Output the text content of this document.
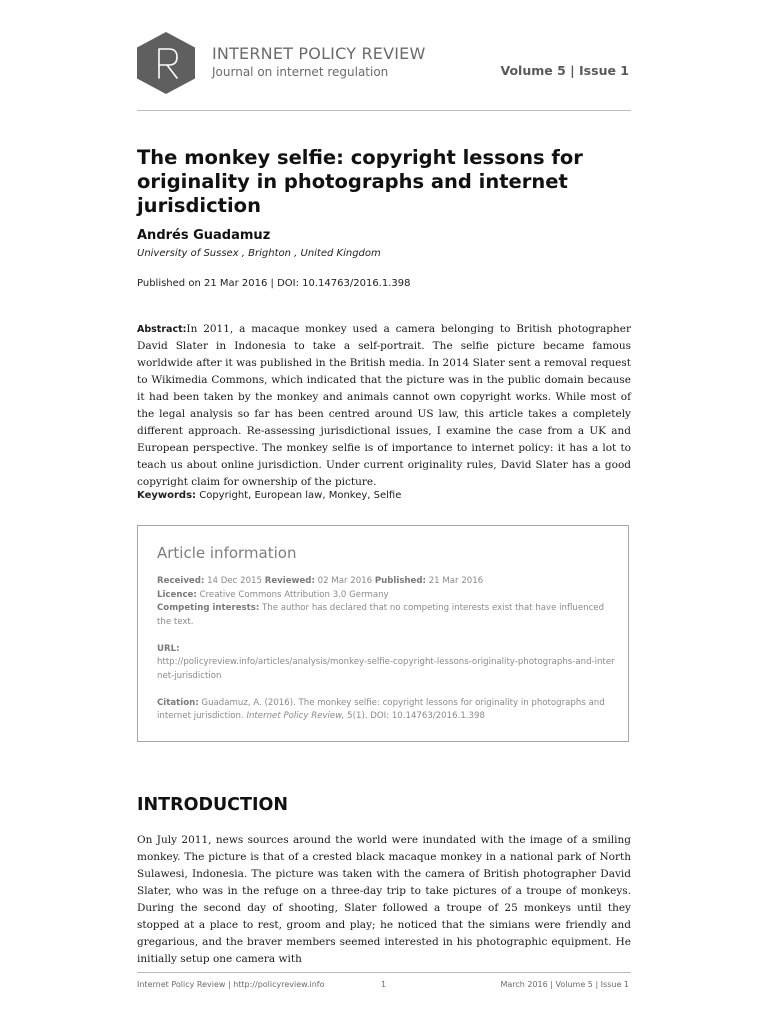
INTERNET POLICY REVIEW
Journal on internet regulation	Volume 5 | Issue 1
The monkey selfie: copyright lessons for originality in photographs and internet jurisdiction
Andrés Guadamuz
University of Sussex , Brighton , United Kingdom
Published on 21 Mar 2016 | DOI: 10.14763/2016.1.398

Abstract:In 2011, a macaque monkey used a camera belonging to British photographer David Slater in Indonesia to take a self-portrait. The selfie picture became famous worldwide after it was published in the British media. In 2014 Slater sent a removal request to Wikimedia Commons, which indicated that the picture was in the public domain because it had been taken by the monkey and animals cannot own copyright works. While most of the legal analysis so far has been centred around US law, this article takes a completely different approach. Re-assessing jurisdictional issues, I examine the case from a UK and European perspective. The monkey selfie is of importance to internet policy: it has a lot to teach us about online jurisdiction. Under current originality rules, David Slater has a good copyright claim for ownership of the picture.

Keywords: Copyright, European law, Monkey, Selfie
Article information
Received: 14 Dec 2015 Reviewed: 02 Mar 2016 Published: 21 Mar 2016
Licence: Creative Commons Attribution 3.0 Germany
Competing interests: The author has declared that no competing interests exist that have influenced the text.
URL:
http://policyreview.info/articles/analysis/monkey-selfie-copyright-lessons-originality-photographs-and-internet-jurisdiction
Citation: Guadamuz, A. (2016). The monkey selfie: copyright lessons for originality in photographs and internet jurisdiction. Internet Policy Review, 5(1). DOI: 10.14763/2016.1.398
INTRODUCTION

On July 2011, news sources around the world were inundated with the image of a smiling monkey. The picture is that of a crested black macaque monkey in a national park of North Sulawesi, Indonesia. The picture was taken with the camera of British photographer David Slater, who was in the refuge on a three-day trip to take pictures of a troupe of monkeys. During the second day of shooting, Slater followed a troupe of 25 monkeys until they stopped at a place to rest, groom and play; he noticed that the simians were friendly and gregarious, and the braver members seemed interested in his photographic equipment. He initially setup one camera with

Internet Policy Review | http://policyreview.info	1	March 2016 | Volume 5 | Issue 1
